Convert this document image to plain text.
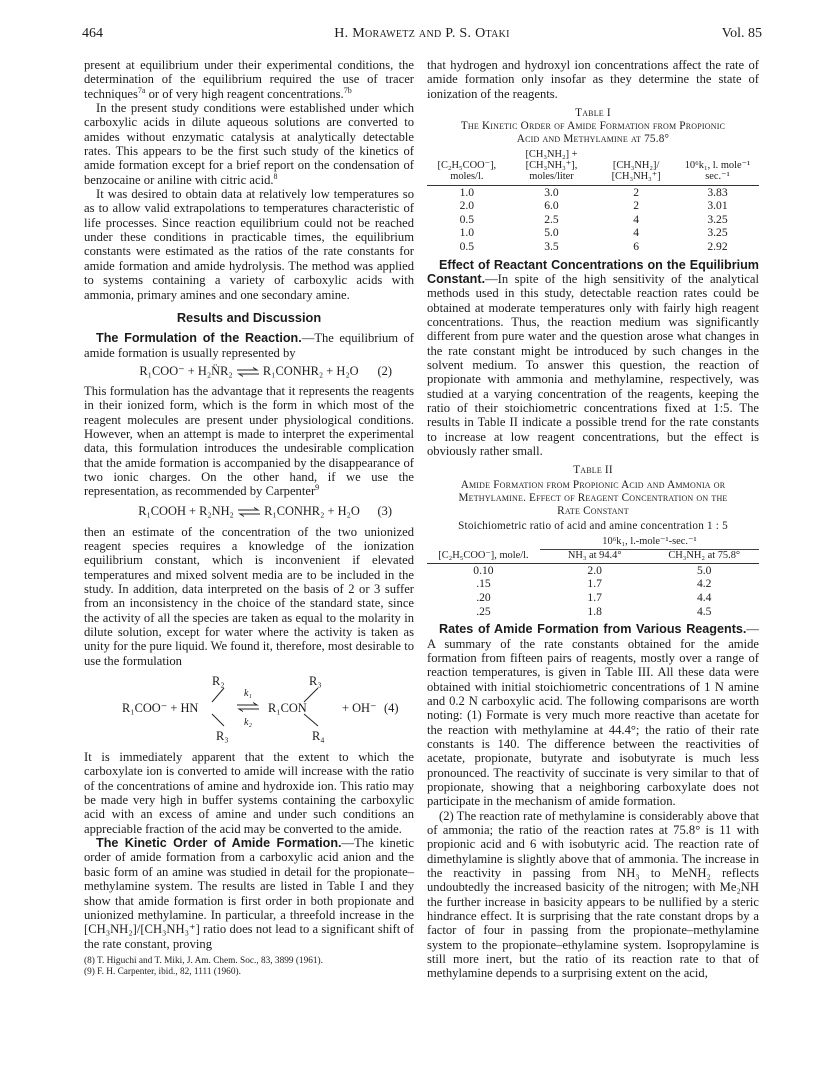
464	H. Morawetz and P. S. Otaki	Vol. 85

present at equilibrium under their experimental conditions, the determination of the equilibrium required the use of tracer techniques$^{7a}$ or of very high reagent concentrations.$^{7b}$

In the present study conditions were established under which carboxylic acids in dilute aqueous solutions are converted to amides without enzymatic catalysis at analytically detectable rates. This appears to be the first such study of the kinetics of amide formation except for a brief report on the condensation of benzocaine or aniline with citric acid.$^8$

It was desired to obtain data at relatively low temperatures so as to allow valid extrapolations to temperatures characteristic of life processes. Since reaction equilibrium could not be reached under these conditions in practicable times, the equilibrium constants were estimated as the ratios of the rate constants for amide formation and amide hydrolysis. The method was applied to systems containing a variety of carboxylic acids with ammonia, primary amines and one secondary amine.

Results and Discussion

The Formulation of the Reaction.—The equilibrium of amide formation is usually represented by

R₁COO⁻ + H₂N̈R₂ ⇌ R₁CONHR₂ + H₂O (2)

This formulation has the advantage that it represents the reagents in their ionized form, which is the form in which most of the reagent molecules are present under physiological conditions. However, when an attempt is made to interpret the experimental data, this formulation introduces the undesirable complication that the amide formation is accompanied by the disappearance of two ionic charges. On the other hand, if we use the representation, as recommended by Carpenter$^9$

R₁COOH + R₂NH₂ ⇌ R₁CONHR₂ + H₂O (3)

then an estimate of the concentration of the two unionized reagent species requires a knowledge of the ionization equilibrium constant, which is inconvenient if elevated temperatures and mixed solvent media are to be included in the study. In addition, data interpreted on the basis of 2 or 3 suffer from an inconsistency in the choice of the standard state, since the activity of all the species are taken as equal to the molarity in dilute solution, except for water where the activity is taken as unity for the pure liquid. We found it, therefore, most desirable to use the formulation

R₂	R₃
R₁COO⁻ + HN
k₁
k₂
R₁CON	+ OH⁻ (4)
R₃	R₄

It is immediately apparent that the extent to which the carboxylate ion is converted to amide will increase with the ratio of the concentrations of amine and hydroxide ion. This ratio may be made very high in buffer systems containing the carboxylic acid with an excess of amine and under such conditions an appreciable fraction of the acid may be converted to the amide.

The Kinetic Order of Amide Formation.—The kinetic order of amide formation from a carboxylic acid anion and the basic form of an amine was studied in detail for the propionate–methylamine system. The results are listed in Table I and they show that amide formation is first order in both propionate and unionized methylamine. In particular, a threefold increase in the [CH₃NH₂]/[CH₃NH₃⁺] ratio does not lead to a significant shift of the rate constant, proving

(8) T. Higuchi and T. Miki, J. Am. Chem. Soc., 83, 3899 (1961).

(9) F. H. Carpenter, ibid., 82, 1111 (1960).

that hydrogen and hydroxyl ion concentrations affect the rate of amide formation only insofar as they determine the state of ionization of the reagents.

Table I
The Kinetic Order of Amide Formation from Propionic
Acid and Methylamine at 75.8°
[C₂H₅COO⁻], moles/l.	[CH₃NH₂] + [CH₃NH₃⁺], moles/liter	[CH₃NH₂]/ [CH₃NH₃⁺]	10⁶k₁, l. mole⁻¹ sec.⁻¹

1.0	3.0	2	3.83
2.0	6.0	2	3.01
0.5	2.5	4	3.25
1.0	5.0	4	3.25
0.5	3.5	6	2.92

Effect of Reactant Concentrations on the Equilibrium Constant.—In spite of the high sensitivity of the analytical methods used in this study, detectable reaction rates could be obtained at moderate temperatures only with fairly high reagent concentrations. Thus, the reaction medium was significantly different from pure water and the question arose what changes in the rate constant might be introduced by such changes in the solvent medium. To answer this question, the reaction of propionate with ammonia and methylamine, respectively, was studied at a varying concentration of the reagents, keeping the ratio of their stoichiometric concentrations fixed at 1:5. The results in Table II indicate a possible trend for the rate constants to increase at low reagent concentrations, but the effect is obviously rather small.

Table II
Amide Formation from Propionic Acid and Ammonia or
Methylamine. Effect of Reagent Concentration on the
Rate Constant
Stoichiometric ratio of acid and amine concentration 1 : 5
[C₂H₅COO⁻], mole/l.	10⁶k₁, l.-mole⁻¹-sec.⁻¹	
	NH₃ at 94.4°	CH₃NH₂ at 75.8°

0.10	2.0	5.0
.15	1.7	4.2
.20	1.7	4.4
.25	1.8	4.5

Rates of Amide Formation from Various Reagents.—A summary of the rate constants obtained for the amide formation from fifteen pairs of reagents, mostly over a range of reaction temperatures, is given in Table III. All these data were obtained with initial stoichiometric concentrations of 1 N amine and 0.2 N carboxylic acid. The following comparisons are worth noting: (1) Formate is very much more reactive than acetate for the reaction with methylamine at 44.4°; the ratio of their rate constants is 140. The difference between the reactivities of acetate, propionate, butyrate and isobutyrate is much less pronounced. The reactivity of succinate is very similar to that of propionate, showing that a neighboring carboxylate does not participate in the mechanism of amide formation.

(2) The reaction rate of methylamine is considerably above that of ammonia; the ratio of the reaction rates at 75.8° is 11 with propionic acid and 6 with isobutyric acid. The reaction rate of dimethylamine is slightly above that of ammonia. The increase in the reactivity in passing from NH₃ to MeNH₂ reflects undoubtedly the increased basicity of the nitrogen; with Me₂NH the further increase in basicity appears to be nullified by a steric hindrance effect. It is surprising that the rate constant drops by a factor of four in passing from the propionate–methylamine system to the propionate–ethylamine system. Isopropylamine is still more inert, but the ratio of its reaction rate to that of methylamine depends to a surprising extent on the acid,
